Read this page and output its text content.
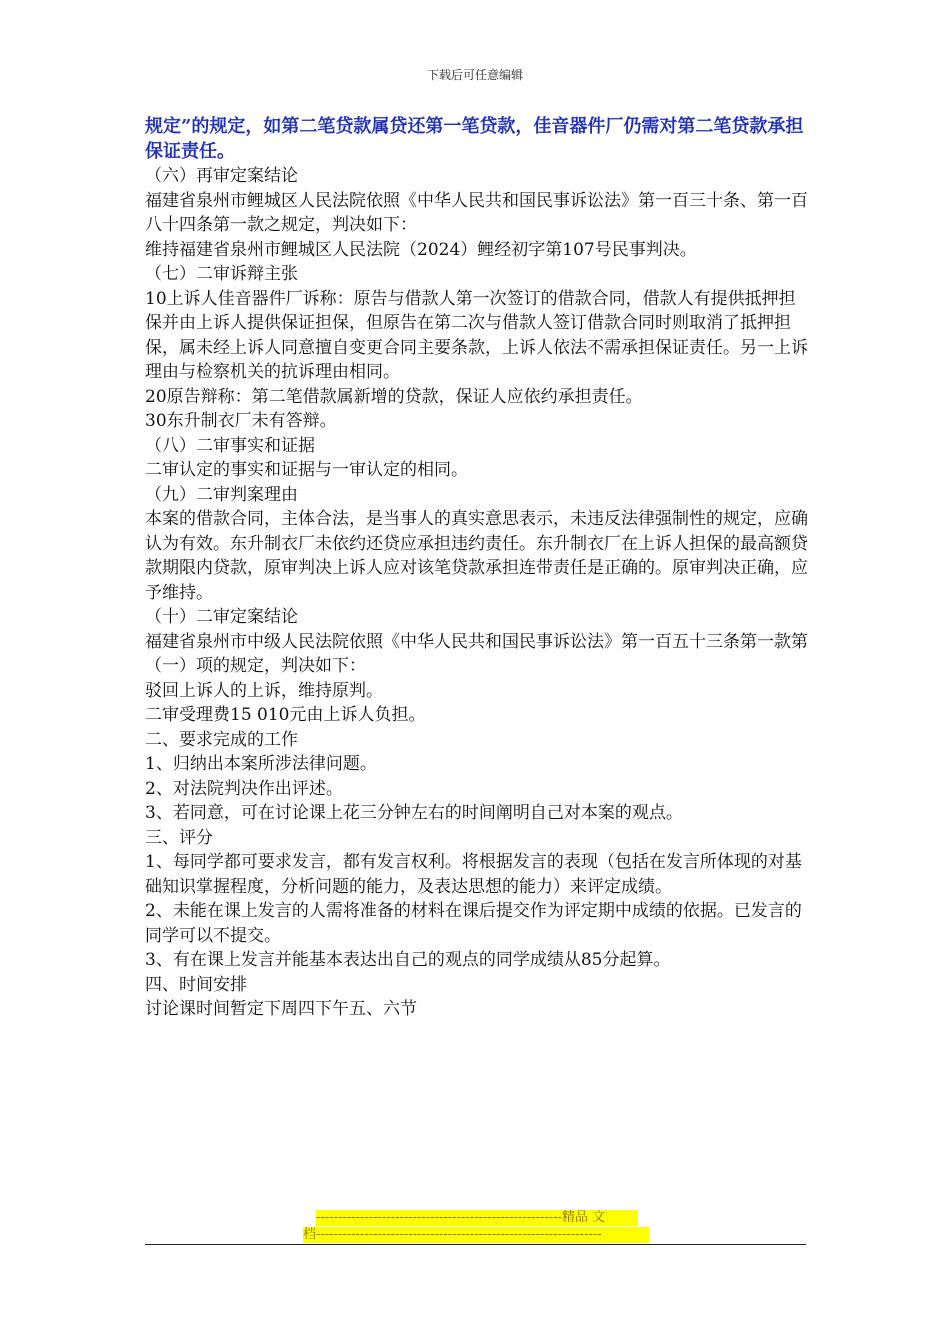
下载后可任意编辑

规定”的规定，如第二笔贷款属贷还第一笔贷款，佳音器件厂仍需对第二笔贷款承担保证责任。

（六）再审定案结论

福建省泉州市鲤城区人民法院依照《中华人民共和国民事诉讼法》第一百三十条、第一百八十四条第一款之规定，判决如下：

维持福建省泉州市鲤城区人民法院（2024）鲤经初字第107号民事判决。

（七）二审诉辩主张

10上诉人佳音器件厂诉称：原告与借款人第一次签订的借款合同，借款人有提供抵押担保并由上诉人提供保证担保，但原告在第二次与借款人签订借款合同时则取消了抵押担保，属未经上诉人同意擅自变更合同主要条款，上诉人依法不需承担保证责任。另一上诉理由与检察机关的抗诉理由相同。

20原告辩称：第二笔借款属新增的贷款，保证人应依约承担责任。

30东升制衣厂未有答辩。

（八）二审事实和证据

二审认定的事实和证据与一审认定的相同。

（九）二审判案理由

本案的借款合同，主体合法，是当事人的真实意思表示，未违反法律强制性的规定，应确认为有效。东升制衣厂未依约还贷应承担违约责任。东升制衣厂在上诉人担保的最高额贷款期限内贷款，原审判决上诉人应对该笔贷款承担连带责任是正确的。原审判决正确，应予维持。

（十）二审定案结论

福建省泉州市中级人民法院依照《中华人民共和国民事诉讼法》第一百五十三条第一款第（一）项的规定，判决如下：

驳回上诉人的上诉，维持原判。

二审受理费15 010元由上诉人负担。

二、要求完成的工作

1、归纳出本案所涉法律问题。

2、对法院判决作出评述。

3、若同意，可在讨论课上花三分钟左右的时间阐明自己对本案的观点。

三、评分

1、每同学都可要求发言，都有发言权利。将根据发言的表现（包括在发言所体现的对基础知识掌握程度，分析问题的能力，及表达思想的能力）来评定成绩。

2、未能在课上发言的人需将准备的材料在课后提交作为评定期中成绩的依据。已发言的同学可以不提交。

3、有在课上发言并能基本表达出自己的观点的同学成绩从85分起算。

四、时间安排

讨论课时间暂定下周四下午五、六节

--------------------------------------------------------精品 文
档-----------------------------------------------------------------
